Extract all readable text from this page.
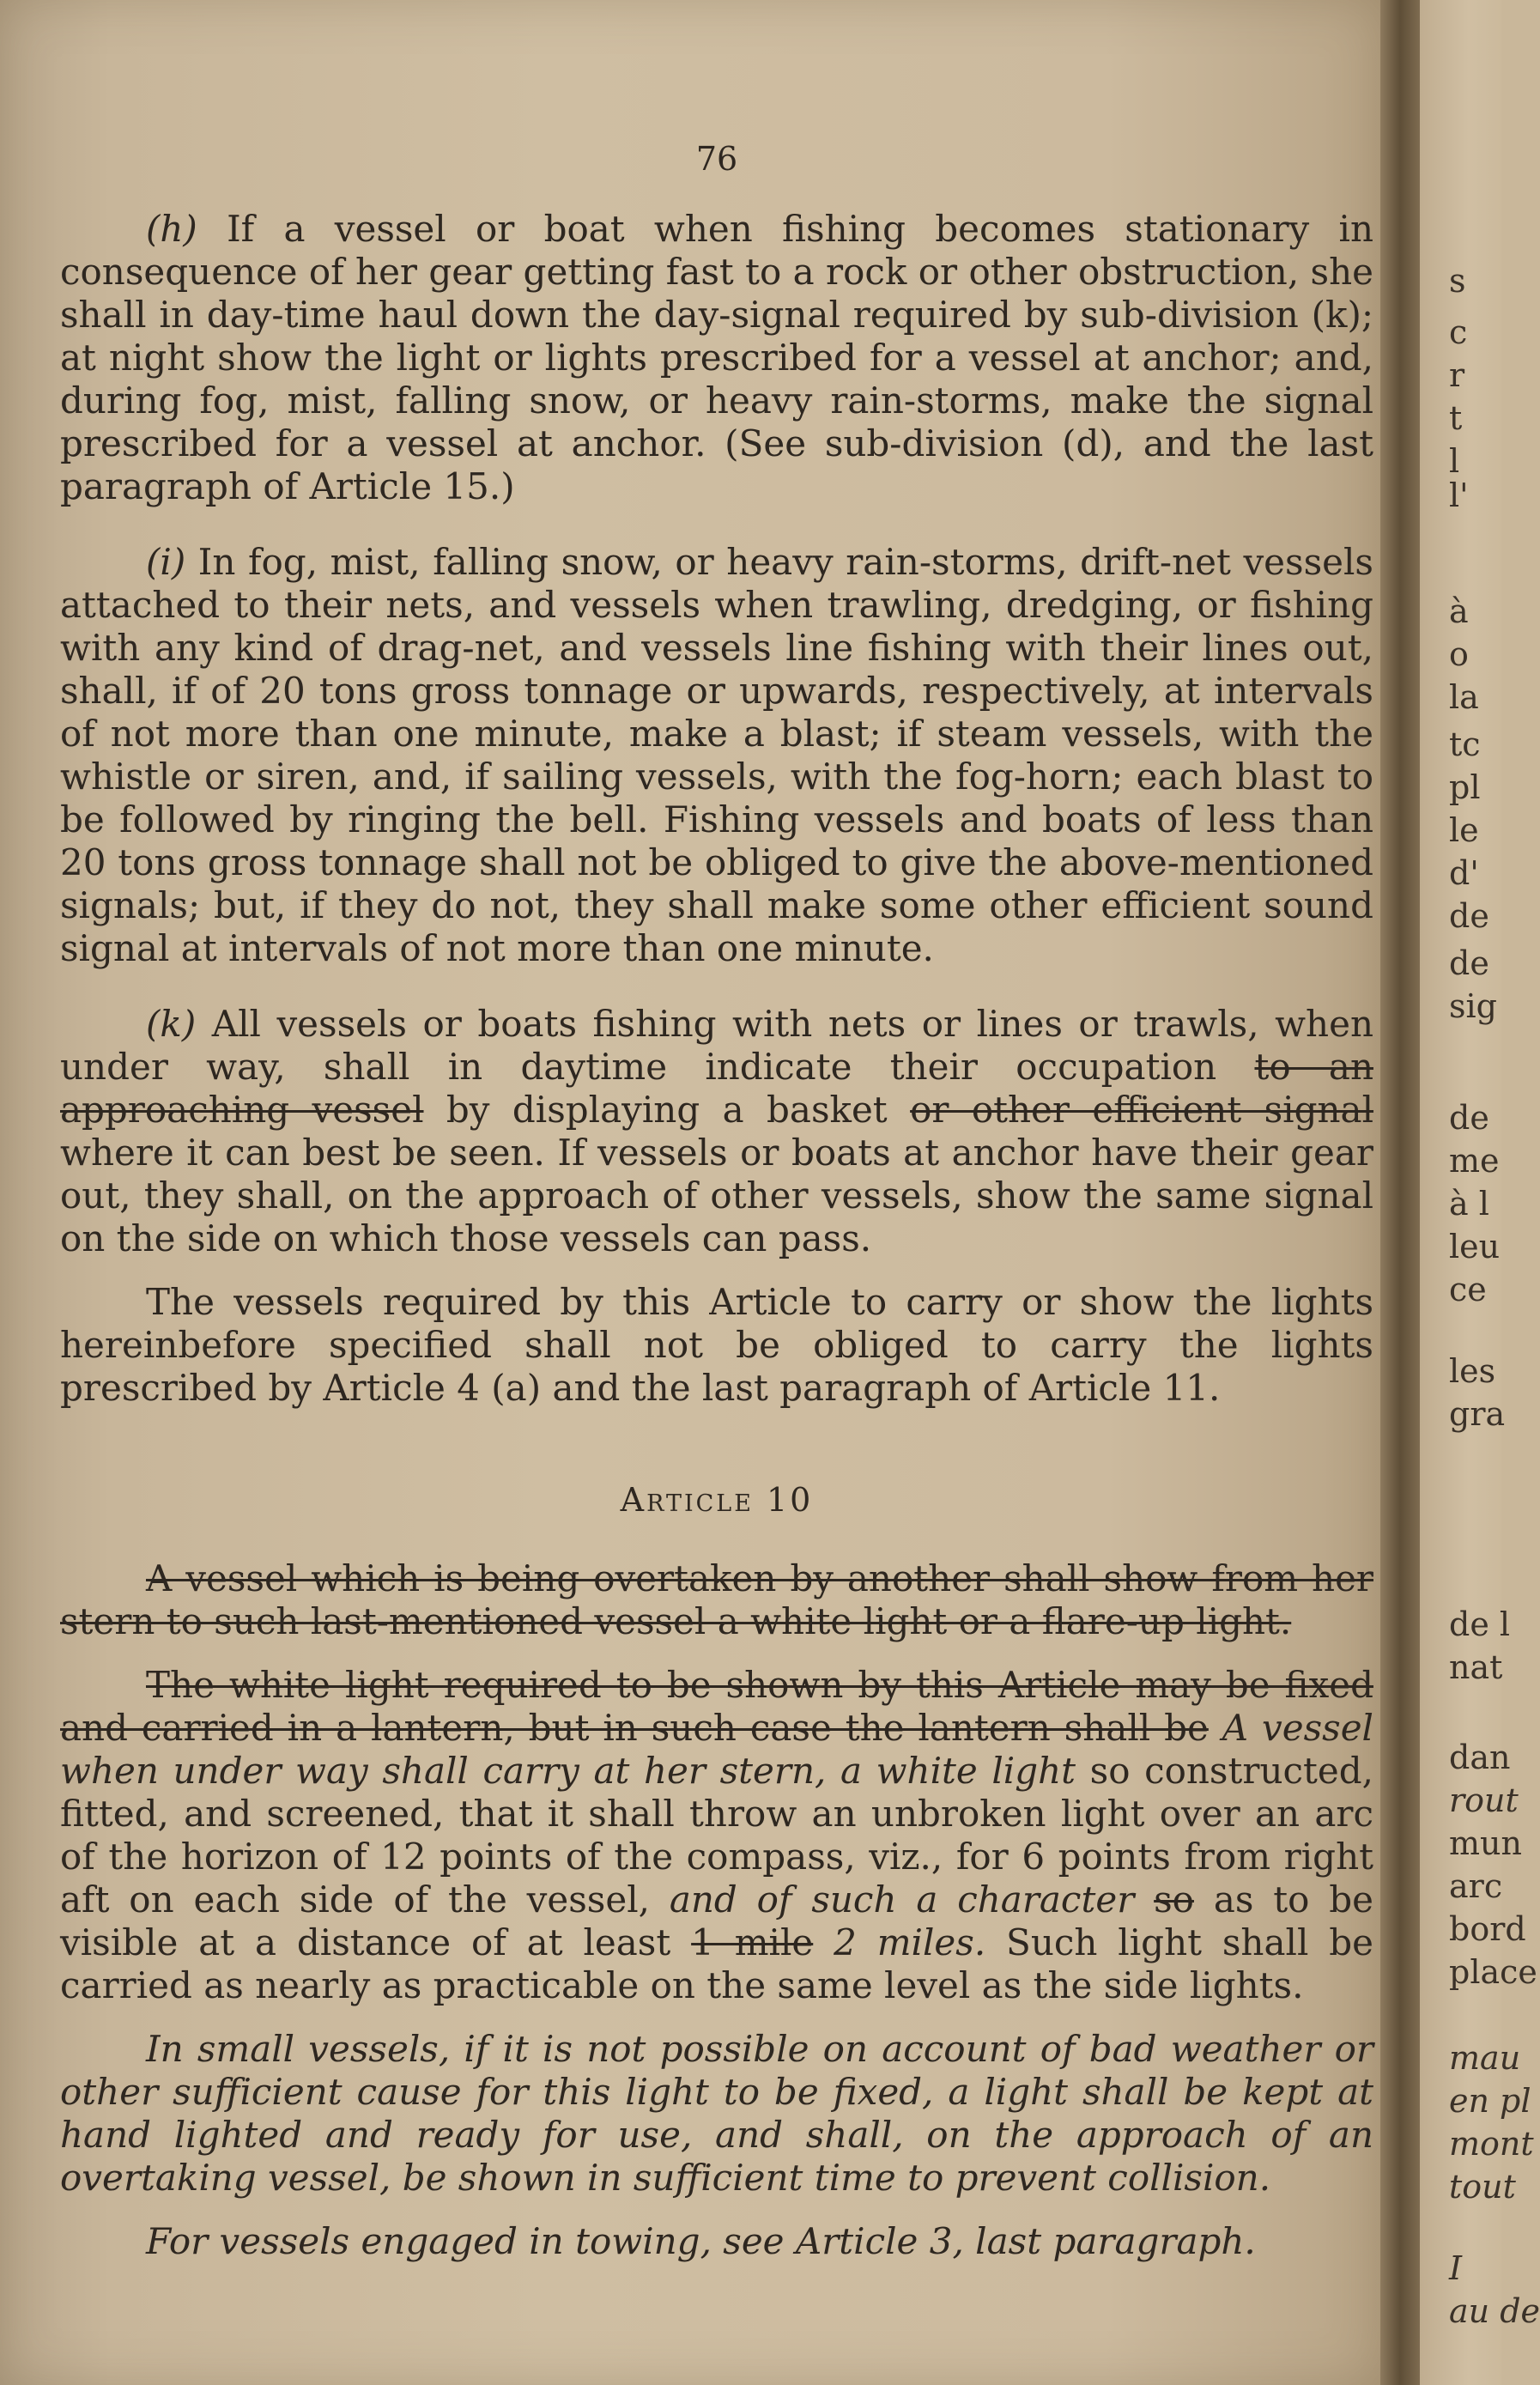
76

(h) If a vessel or boat when fishing becomes stationary in consequence of her gear getting fast to a rock or other obstruction, she shall in day-time haul down the day-signal required by sub-division (k); at night show the light or lights prescribed for a vessel at anchor; and, during fog, mist, falling snow, or heavy rain-storms, make the signal prescribed for a vessel at anchor. (See sub-division (d), and the last paragraph of Article 15.)

(i) In fog, mist, falling snow, or heavy rain-storms, drift-net vessels attached to their nets, and vessels when trawling, dredging, or fishing with any kind of drag-net, and vessels line fishing with their lines out, shall, if of 20 tons gross tonnage or upwards, respectively, at intervals of not more than one minute, make a blast; if steam vessels, with the whistle or siren, and, if sailing vessels, with the fog-horn; each blast to be followed by ringing the bell. Fishing vessels and boats of less than 20 tons gross tonnage shall not be obliged to give the above-mentioned signals; but, if they do not, they shall make some other efficient sound signal at intervals of not more than one minute.

(k) All vessels or boats fishing with nets or lines or trawls, when under way, shall in daytime indicate their occupation to an approaching vessel by displaying a basket or other efficient signal where it can best be seen. If vessels or boats at anchor have their gear out, they shall, on the approach of other vessels, show the same signal on the side on which those vessels can pass.

The vessels required by this Article to carry or show the lights hereinbefore specified shall not be obliged to carry the lights prescribed by Article 4 (a) and the last paragraph of Article 11.

Article 10

A vessel which is being overtaken by another shall show from her stern to such last-mentioned vessel a white light or a flare-up light.

The white light required to be shown by this Article may be fixed and carried in a lantern, but in such case the lantern shall be A vessel when under way shall carry at her stern, a white light so constructed, fitted, and screened, that it shall throw an unbroken light over an arc of the horizon of 12 points of the compass, viz., for 6 points from right aft on each side of the vessel, and of such a character so as to be visible at a distance of at least 1 mile 2 miles. Such light shall be carried as nearly as practicable on the same level as the side lights.

In small vessels, if it is not possible on account of bad weather or other sufficient cause for this light to be fixed, a light shall be kept at hand lighted and ready for use, and shall, on the approach of an overtaking vessel, be shown in sufficient time to prevent collision.

For vessels engaged in towing, see Article 3, last paragraph.

s
c
r
t
l
l'
à
o
la
tc
pl
le
d'
de
de
sig
de
me
à l
leu
ce
les
gra
de l
nat
dan
rout
mun
arc
bord
place
mau
en pl
mont
tout
I
au de
